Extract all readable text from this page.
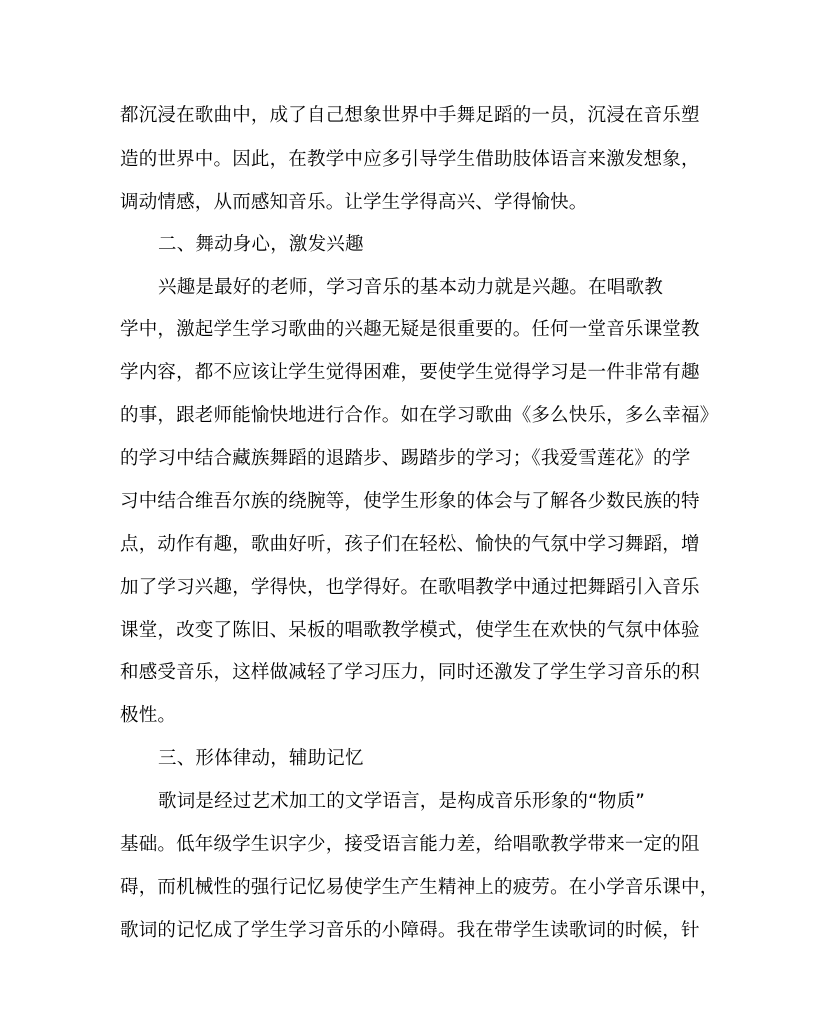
都沉浸在歌曲中，成了自己想象世界中手舞足蹈的一员，沉浸在音乐塑
造的世界中。因此，在教学中应多引导学生借助肢体语言来激发想象，
调动情感，从而感知音乐。让学生学得高兴、学得愉快。
二、舞动身心，激发兴趣
兴趣是最好的老师，学习音乐的基本动力就是兴趣。在唱歌教
学中，激起学生学习歌曲的兴趣无疑是很重要的。任何一堂音乐课堂教
学内容，都不应该让学生觉得困难，要使学生觉得学习是一件非常有趣
的事，跟老师能愉快地进行合作。如在学习歌曲《多么快乐，多么幸福》
的学习中结合藏族舞蹈的退踏步、踢踏步的学习；《我爱雪莲花》的学
习中结合维吾尔族的绕腕等，使学生形象的体会与了解各少数民族的特
点，动作有趣，歌曲好听，孩子们在轻松、愉快的气氛中学习舞蹈，增
加了学习兴趣，学得快，也学得好。在歌唱教学中通过把舞蹈引入音乐
课堂，改变了陈旧、呆板的唱歌教学模式，使学生在欢快的气氛中体验
和感受音乐，这样做减轻了学习压力，同时还激发了学生学习音乐的积
极性。
三、形体律动，辅助记忆
歌词是经过艺术加工的文学语言，是构成音乐形象的“物质”
基础。低年级学生识字少，接受语言能力差，给唱歌教学带来一定的阻
碍，而机械性的强行记忆易使学生产生精神上的疲劳。在小学音乐课中，
歌词的记忆成了学生学习音乐的小障碍。我在带学生读歌词的时候，针
